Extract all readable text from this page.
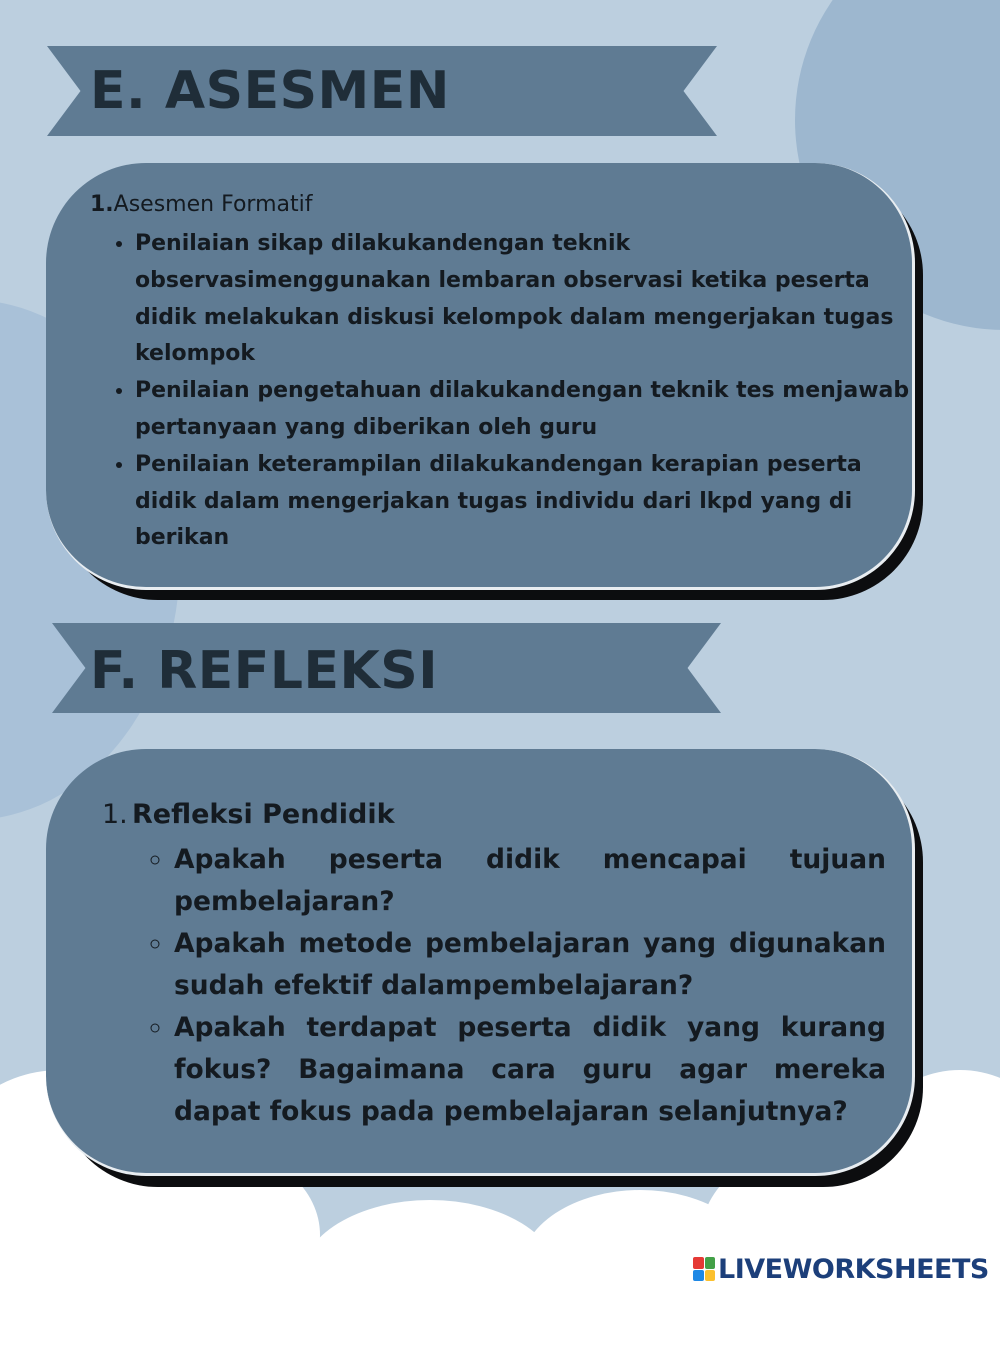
E. ASESMEN

1.Asesmen Formatif

• Penilaian sikap dilakukandengan teknik observasimenggunakan lembaran observasi ketika peserta didik melakukan diskusi kelompok dalam mengerjakan tugas kelompok
• Penilaian pengetahuan dilakukandengan teknik tes menjawab pertanyaan yang diberikan oleh guru
• Penilaian keterampilan dilakukandengan kerapian peserta didik dalam mengerjakan tugas individu dari lkpd yang di berikan
F. REFLEKSI

1. Refleksi Pendidik

◦ Apakah peserta didik mencapai tujuan pembelajaran?
◦ Apakah metode pembelajaran yang digunakan sudah efektif dalampembelajaran?
◦ Apakah terdapat peserta didik yang kurang fokus? Bagaimana cara guru agar mereka dapat fokus pada pembelajaran selanjutnya?
LIVEWORKSHEETS
